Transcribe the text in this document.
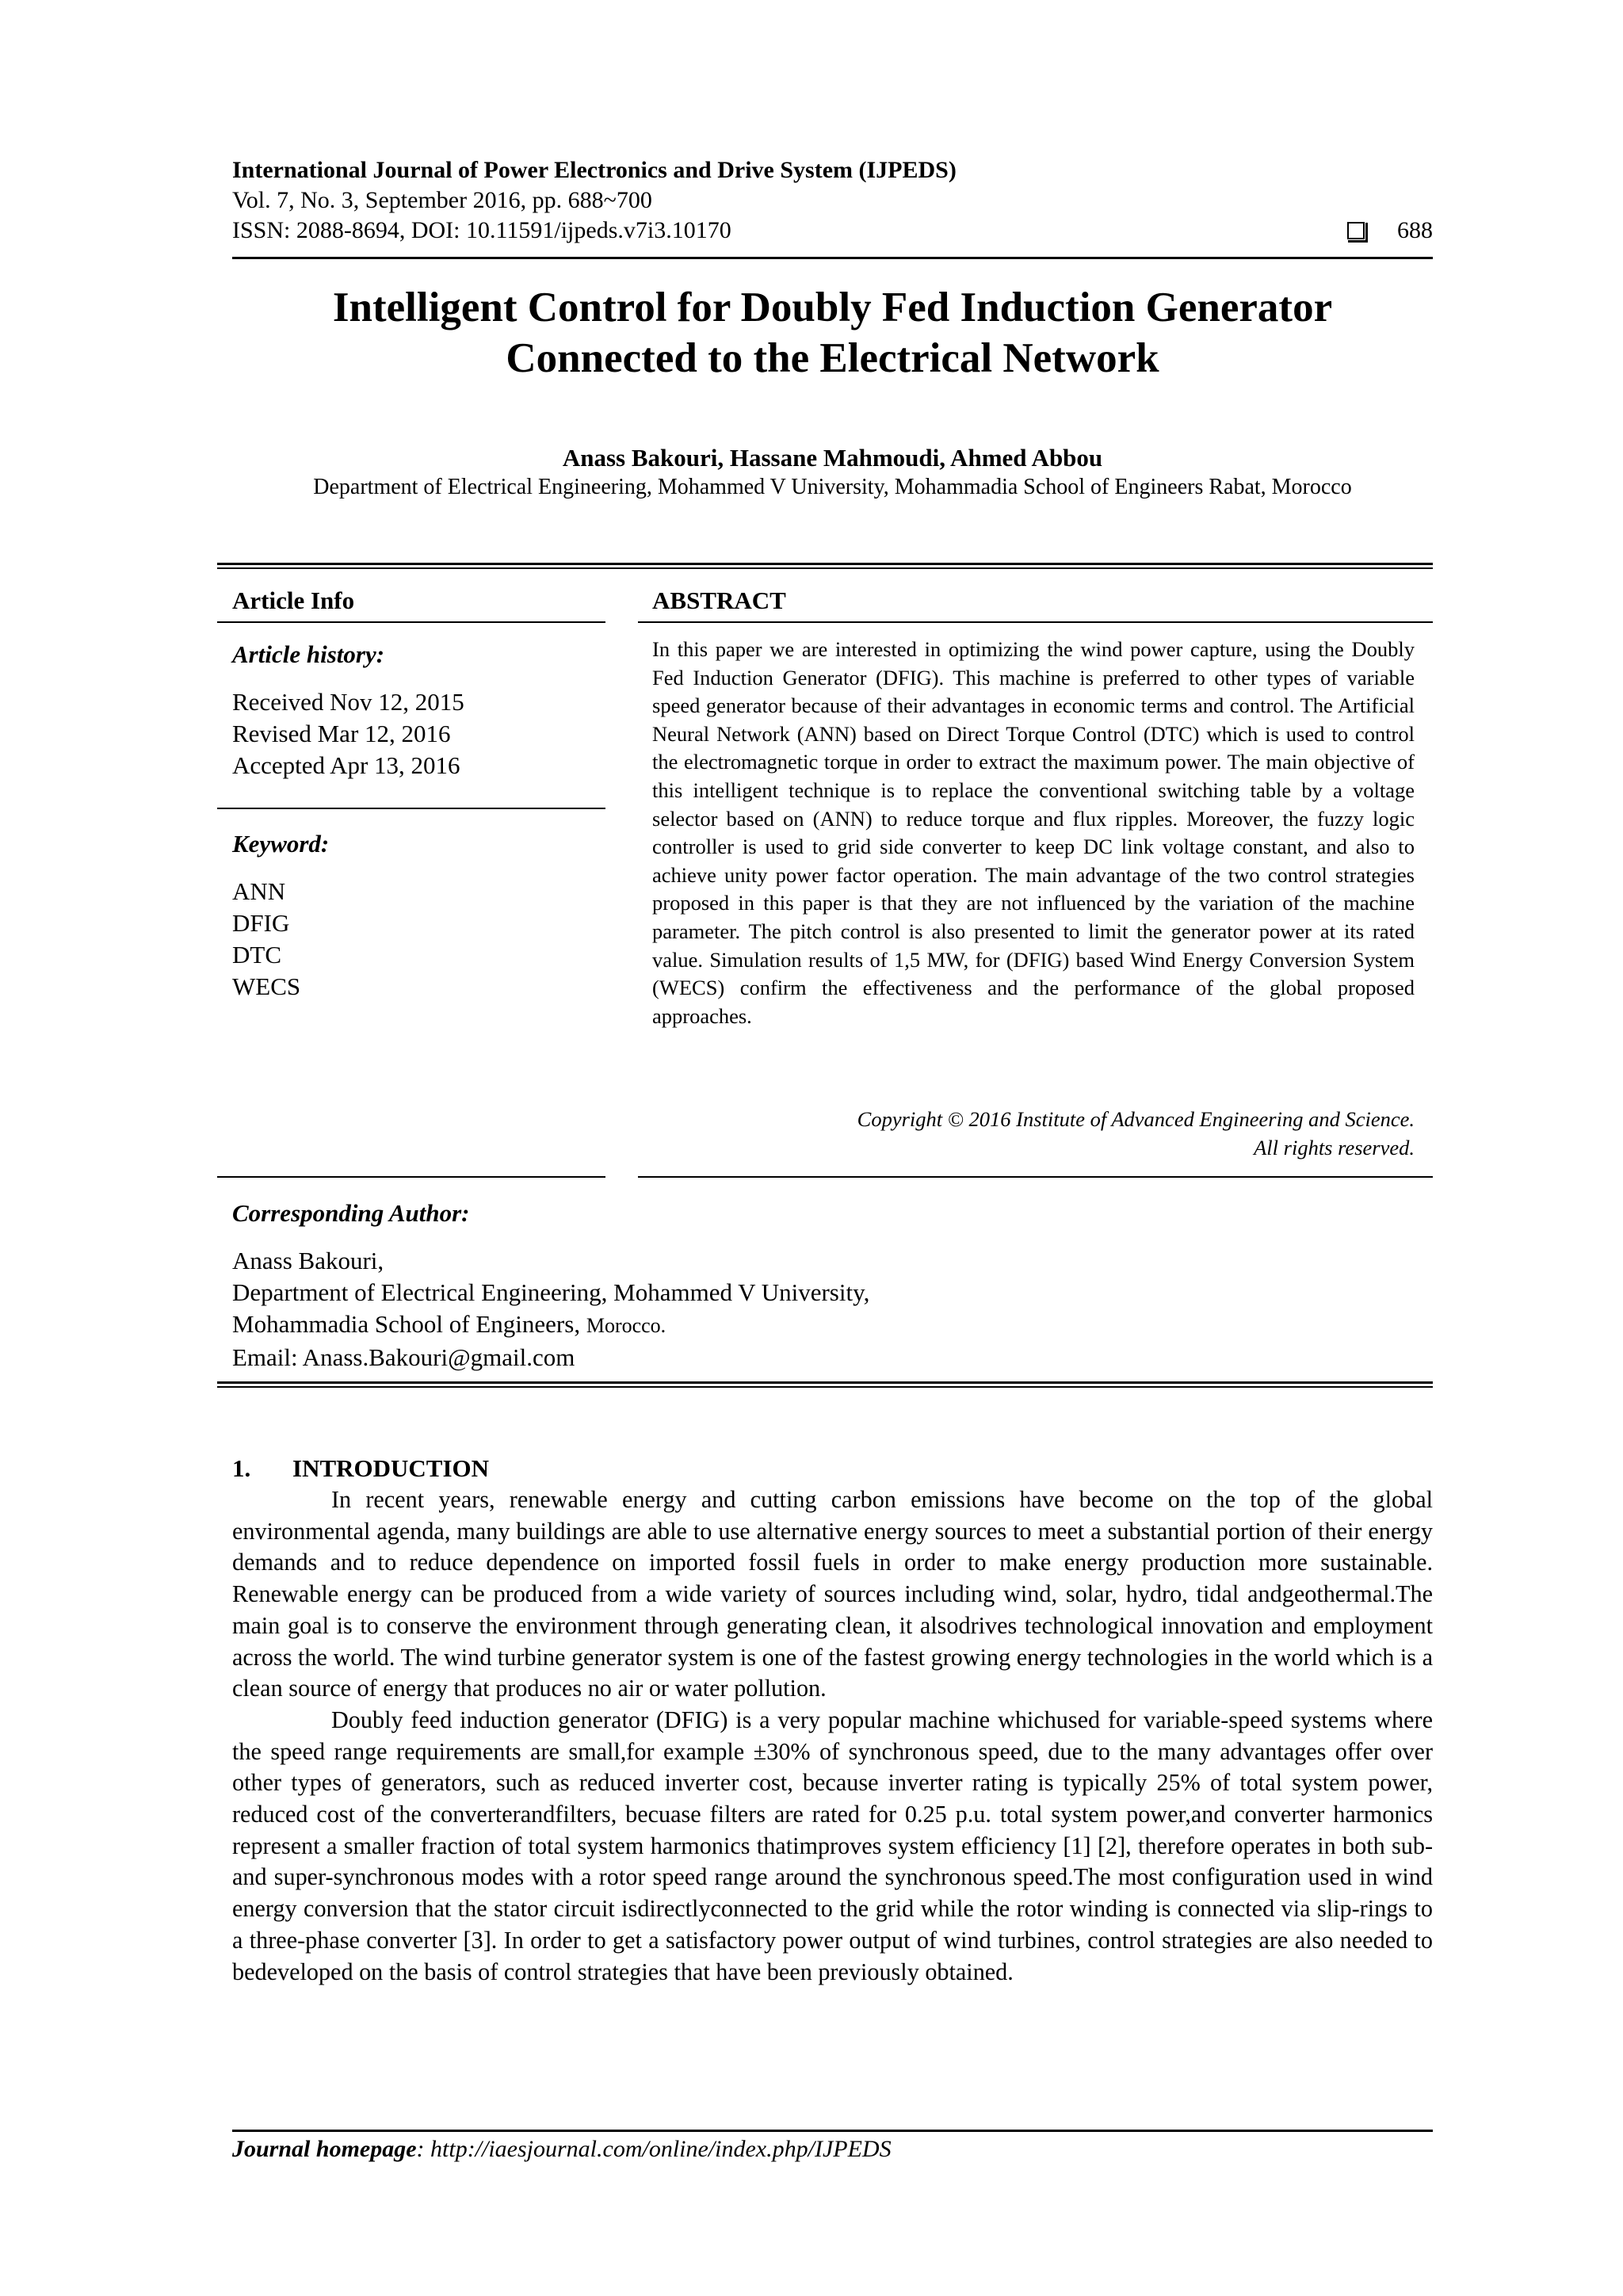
International Journal of Power Electronics and Drive System (IJPEDS)
Vol. 7, No. 3, September 2016, pp. 688~700
ISSN: 2088-8694, DOI: 10.11591/ijpeds.v7i3.10170	688
Intelligent Control for Doubly Fed Induction Generator
Connected to the Electrical Network
Anass Bakouri, Hassane Mahmoudi, Ahmed Abbou
Department of Electrical Engineering, Mohammed V University, Mohammadia School of Engineers Rabat, Morocco
Article Info	ABSTRACT
Article history:
Received Nov 12, 2015
Revised Mar 12, 2016
Accepted Apr 13, 2016
Keyword:
ANN
DFIG
DTC
WECS
In this paper we are interested in optimizing the wind power capture, using the Doubly Fed Induction Generator (DFIG). This machine is preferred to other types of variable speed generator because of their advantages in economic terms and control. The Artificial Neural Network (ANN) based on Direct Torque Control (DTC) which is used to control the electromagnetic torque in order to extract the maximum power. The main objective of this intelligent technique is to replace the conventional switching table by a voltage selector based on (ANN) to reduce torque and flux ripples. Moreover, the fuzzy logic controller is used to grid side converter to keep DC link voltage constant, and also to achieve unity power factor operation. The main advantage of the two control strategies proposed in this paper is that they are not influenced by the variation of the machine parameter. The pitch control is also presented to limit the generator power at its rated value. Simulation results of 1,5 MW, for (DFIG) based Wind Energy Conversion System (WECS) confirm the effectiveness and the performance of the global proposed approaches.
Copyright © 2016 Institute of Advanced Engineering and Science.
All rights reserved.
Corresponding Author:
Anass Bakouri,
Department of Electrical Engineering, Mohammed V University,
Mohammadia School of Engineers, Morocco.
Email: Anass.Bakouri@gmail.com
1. INTRODUCTION

In recent years, renewable energy and cutting carbon emissions have become on the top of the global environmental agenda, many buildings are able to use alternative energy sources to meet a substantial portion of their energy demands and to reduce dependence on imported fossil fuels in order to make energy production more sustainable. Renewable energy can be produced from a wide variety of sources including wind, solar, hydro, tidal andgeothermal.The main goal is to conserve the environment through generating clean, it alsodrives technological innovation and employment across the world. The wind turbine generator system is one of the fastest growing energy technologies in the world which is a clean source of energy that produces no air or water pollution.

Doubly feed induction generator (DFIG) is a very popular machine whichused for variable-speed systems where the speed range requirements are small,for example ±30% of synchronous speed, due to the many advantages offer over other types of generators, such as reduced inverter cost, because inverter rating is typically 25% of total system power, reduced cost of the converterandfilters, becuase filters are rated for 0.25 p.u. total system power,and converter harmonics represent a smaller fraction of total system harmonics thatimproves system efficiency [1] [2], therefore operates in both sub-and super-synchronous modes with a rotor speed range around the synchronous speed.The most configuration used in wind energy conversion that the stator circuit isdirectlyconnected to the grid while the rotor winding is connected via slip-rings to a three-phase converter [3]. In order to get a satisfactory power output of wind turbines, control strategies are also needed to bedeveloped on the basis of control strategies that have been previously obtained.

Journal homepage: http://iaesjournal.com/online/index.php/IJPEDS
